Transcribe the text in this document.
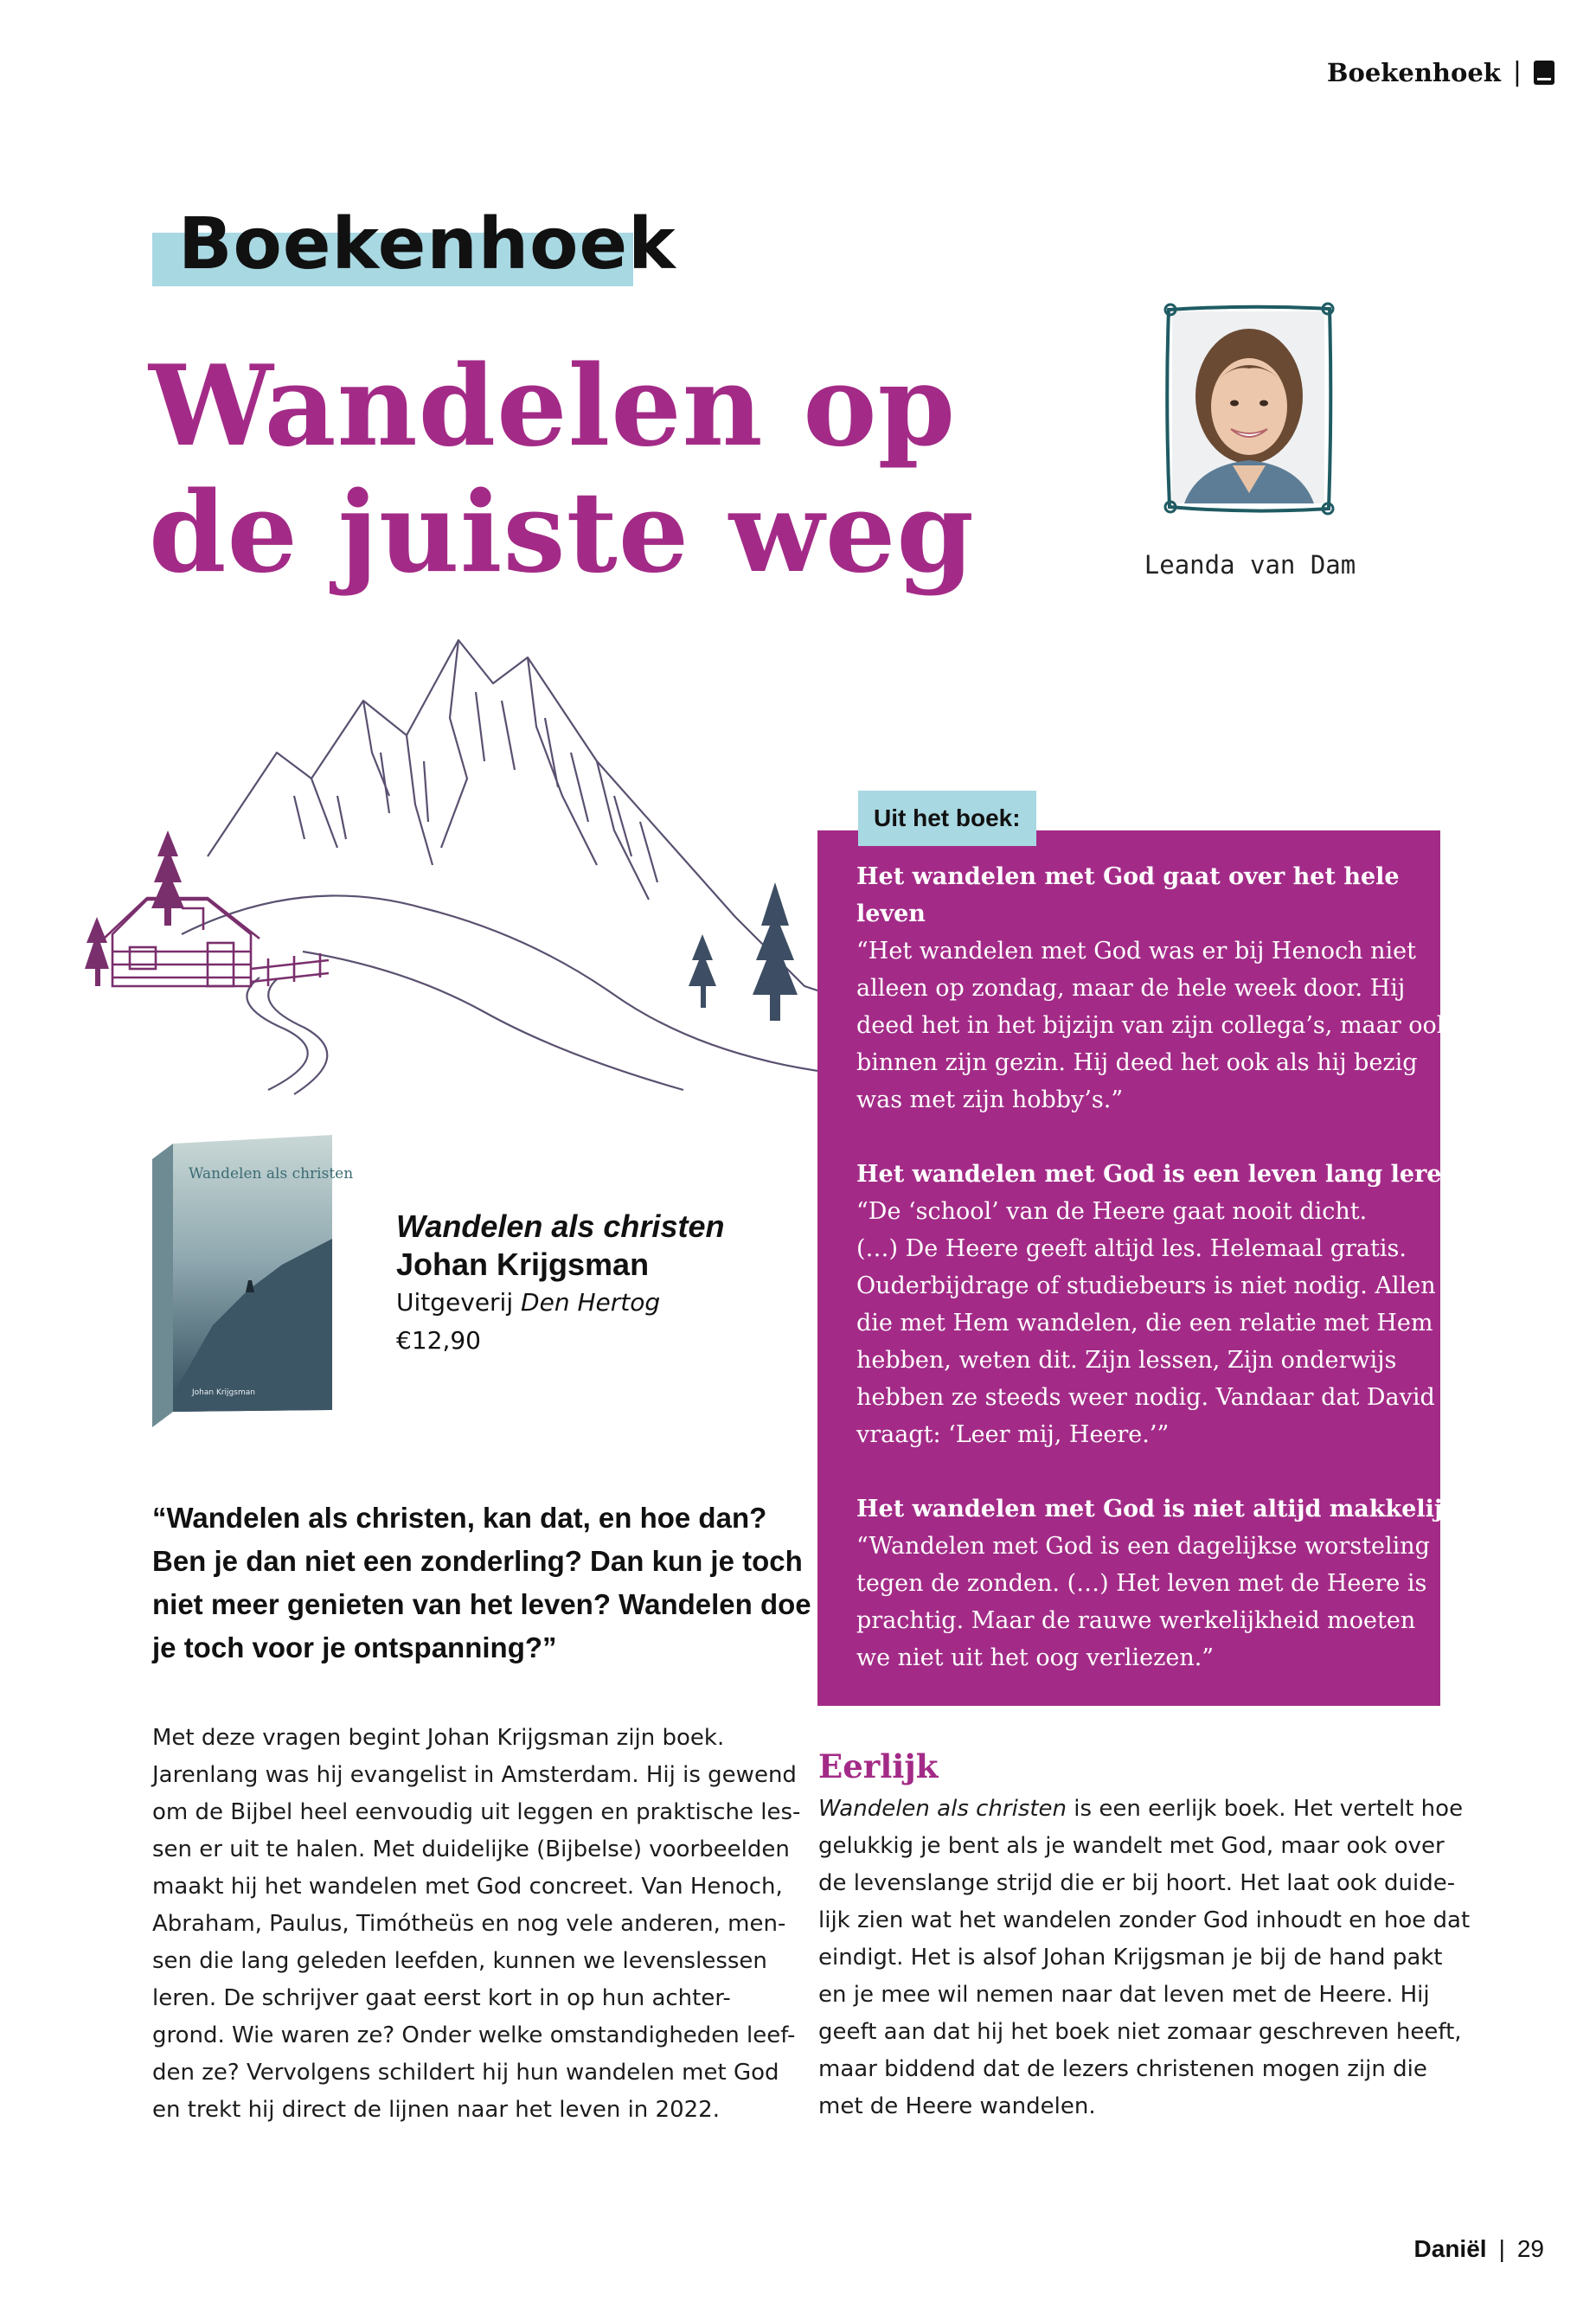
Boekenhoek |
Boekenhoek
Wandelen op
de juiste weg	Leanda van Dam
Wandelen als christen
Johan Krijgsman
Wandelen als christen
Johan Krijgsman
Uitgeverij Den Hertog
€12,90
“Wandelen als christen, kan dat, en hoe dan?
Ben je dan niet een zonderling? Dan kun je toch
niet meer genieten van het leven? Wandelen doe
je toch voor je ontspanning?”
Met deze vragen begint Johan Krijgsman zijn boek.
Jarenlang was hij evangelist in Amsterdam. Hij is gewend
om de Bijbel heel eenvoudig uit leggen en praktische les-
sen er uit te halen. Met duidelijke (Bijbelse) voorbeelden
maakt hij het wandelen met God concreet. Van Henoch,
Abraham, Paulus, Timótheüs en nog vele anderen, men-
sen die lang geleden leefden, kunnen we levenslessen
leren. De schrijver gaat eerst kort in op hun achter-
grond. Wie waren ze? Onder welke omstandigheden leef-
den ze? Vervolgens schildert hij hun wandelen met God
en trekt hij direct de lijnen naar het leven in 2022.
Uit het boek:
Het wandelen met God gaat over het hele
leven
“Het wandelen met God was er bij Henoch niet
alleen op zondag, maar de hele week door. Hij
deed het in het bijzijn van zijn collega’s, maar ook
binnen zijn gezin. Hij deed het ook als hij bezig
was met zijn hobby’s.”
Het wandelen met God is een leven lang leren
“De ‘school’ van de Heere gaat nooit dicht.
(…) De Heere geeft altijd les. Helemaal gratis.
Ouderbijdrage of studiebeurs is niet nodig. Allen
die met Hem wandelen, die een relatie met Hem
hebben, weten dit. Zijn lessen, Zijn onderwijs
hebben ze steeds weer nodig. Vandaar dat David
vraagt: ‘Leer mij, Heere.’”
Het wandelen met God is niet altijd makkelijk
“Wandelen met God is een dagelijkse worsteling
tegen de zonden. (…) Het leven met de Heere is
prachtig. Maar de rauwe werkelijkheid moeten
we niet uit het oog verliezen.”
Eerlijk
Wandelen als christen is een eerlijk boek. Het vertelt hoe
gelukkig je bent als je wandelt met God, maar ook over
de levenslange strijd die er bij hoort. Het laat ook duide-
lijk zien wat het wandelen zonder God inhoudt en hoe dat
eindigt. Het is alsof Johan Krijgsman je bij de hand pakt
en je mee wil nemen naar dat leven met de Heere. Hij
geeft aan dat hij het boek niet zomaar geschreven heeft,
maar biddend dat de lezers christenen mogen zijn die
met de Heere wandelen.
Daniël | 29
